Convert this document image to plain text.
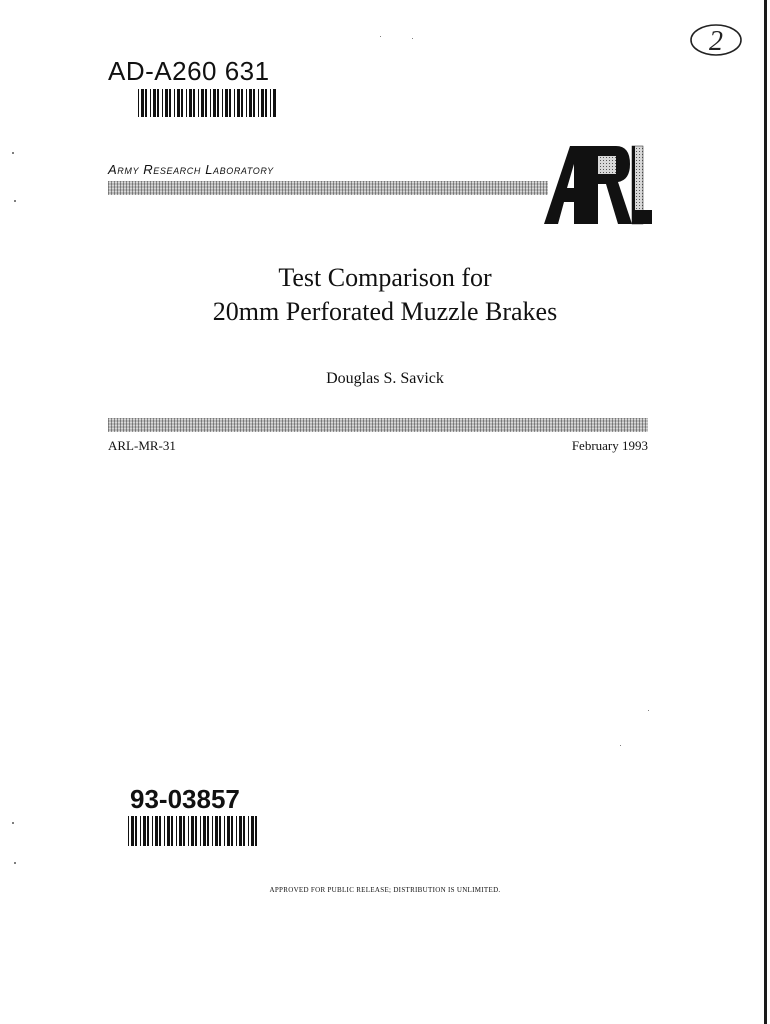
AD-A260 631
2
Army Research Laboratory
Test Comparison for
20mm Perforated Muzzle Brakes
Douglas S. Savick
ARL-MR-31	February 1993
93-03857
APPROVED FOR PUBLIC RELEASE; DISTRIBUTION IS UNLIMITED.
